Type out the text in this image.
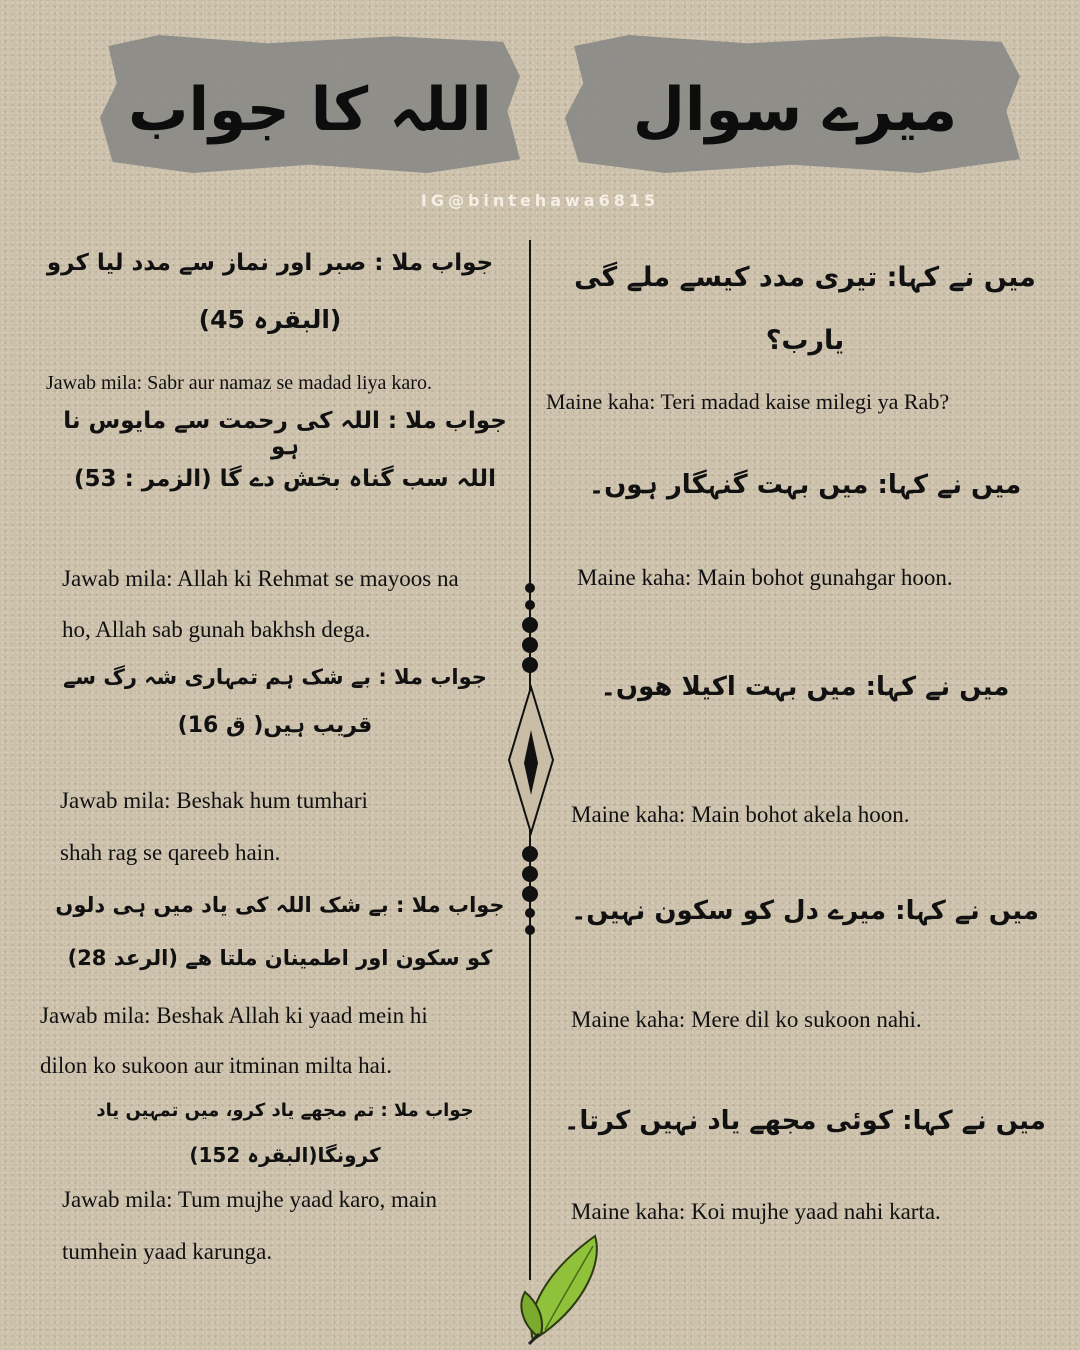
اللہ کا جواب	میرے سوال
IG@bintehawa6815
جواب ملا : صبر اور نماز سے مدد لیا کرو
(البقرہ 45)
Jawab mila: Sabr aur namaz se madad liya karo.
جواب ملا : اللہ کی رحمت سے مایوس نا ہو
اللہ سب گناہ بخش دے گا (الزمر : 53)
Jawab mila: Allah ki Rehmat se mayoos na
ho, Allah sab gunah bakhsh dega.
جواب ملا : بے شک ہم تمہاری شہ رگ سے
قریب ہیں( ق 16)
Jawab mila: Beshak hum tumhari
shah rag se qareeb hain.
جواب ملا : بے شک اللہ کی یاد میں ہی دلوں
کو سکون اور اطمینان ملتا ھے (الرعد 28)
Jawab mila: Beshak Allah ki yaad mein hi
dilon ko sukoon aur itminan milta hai.
جواب ملا : تم مجھے یاد کرو، میں تمہیں یاد
کرونگا(البقرہ 152)
Jawab mila: Tum mujhe yaad karo, main
tumhein yaad karunga.
میں نے کہا: تیری مدد کیسے ملے گی
یارب؟
Maine kaha: Teri madad kaise milegi ya Rab?
میں نے کہا: میں بہت گنہگار ہوں۔
Maine kaha: Main bohot gunahgar hoon.
میں نے کہا: میں بہت اکیلا ھوں۔
Maine kaha: Main bohot akela hoon.
میں نے کہا: میرے دل کو سکون نہیں۔
Maine kaha: Mere dil ko sukoon nahi.
میں نے کہا: کوئی مجھے یاد نہیں کرتا۔
Maine kaha: Koi mujhe yaad nahi karta.
